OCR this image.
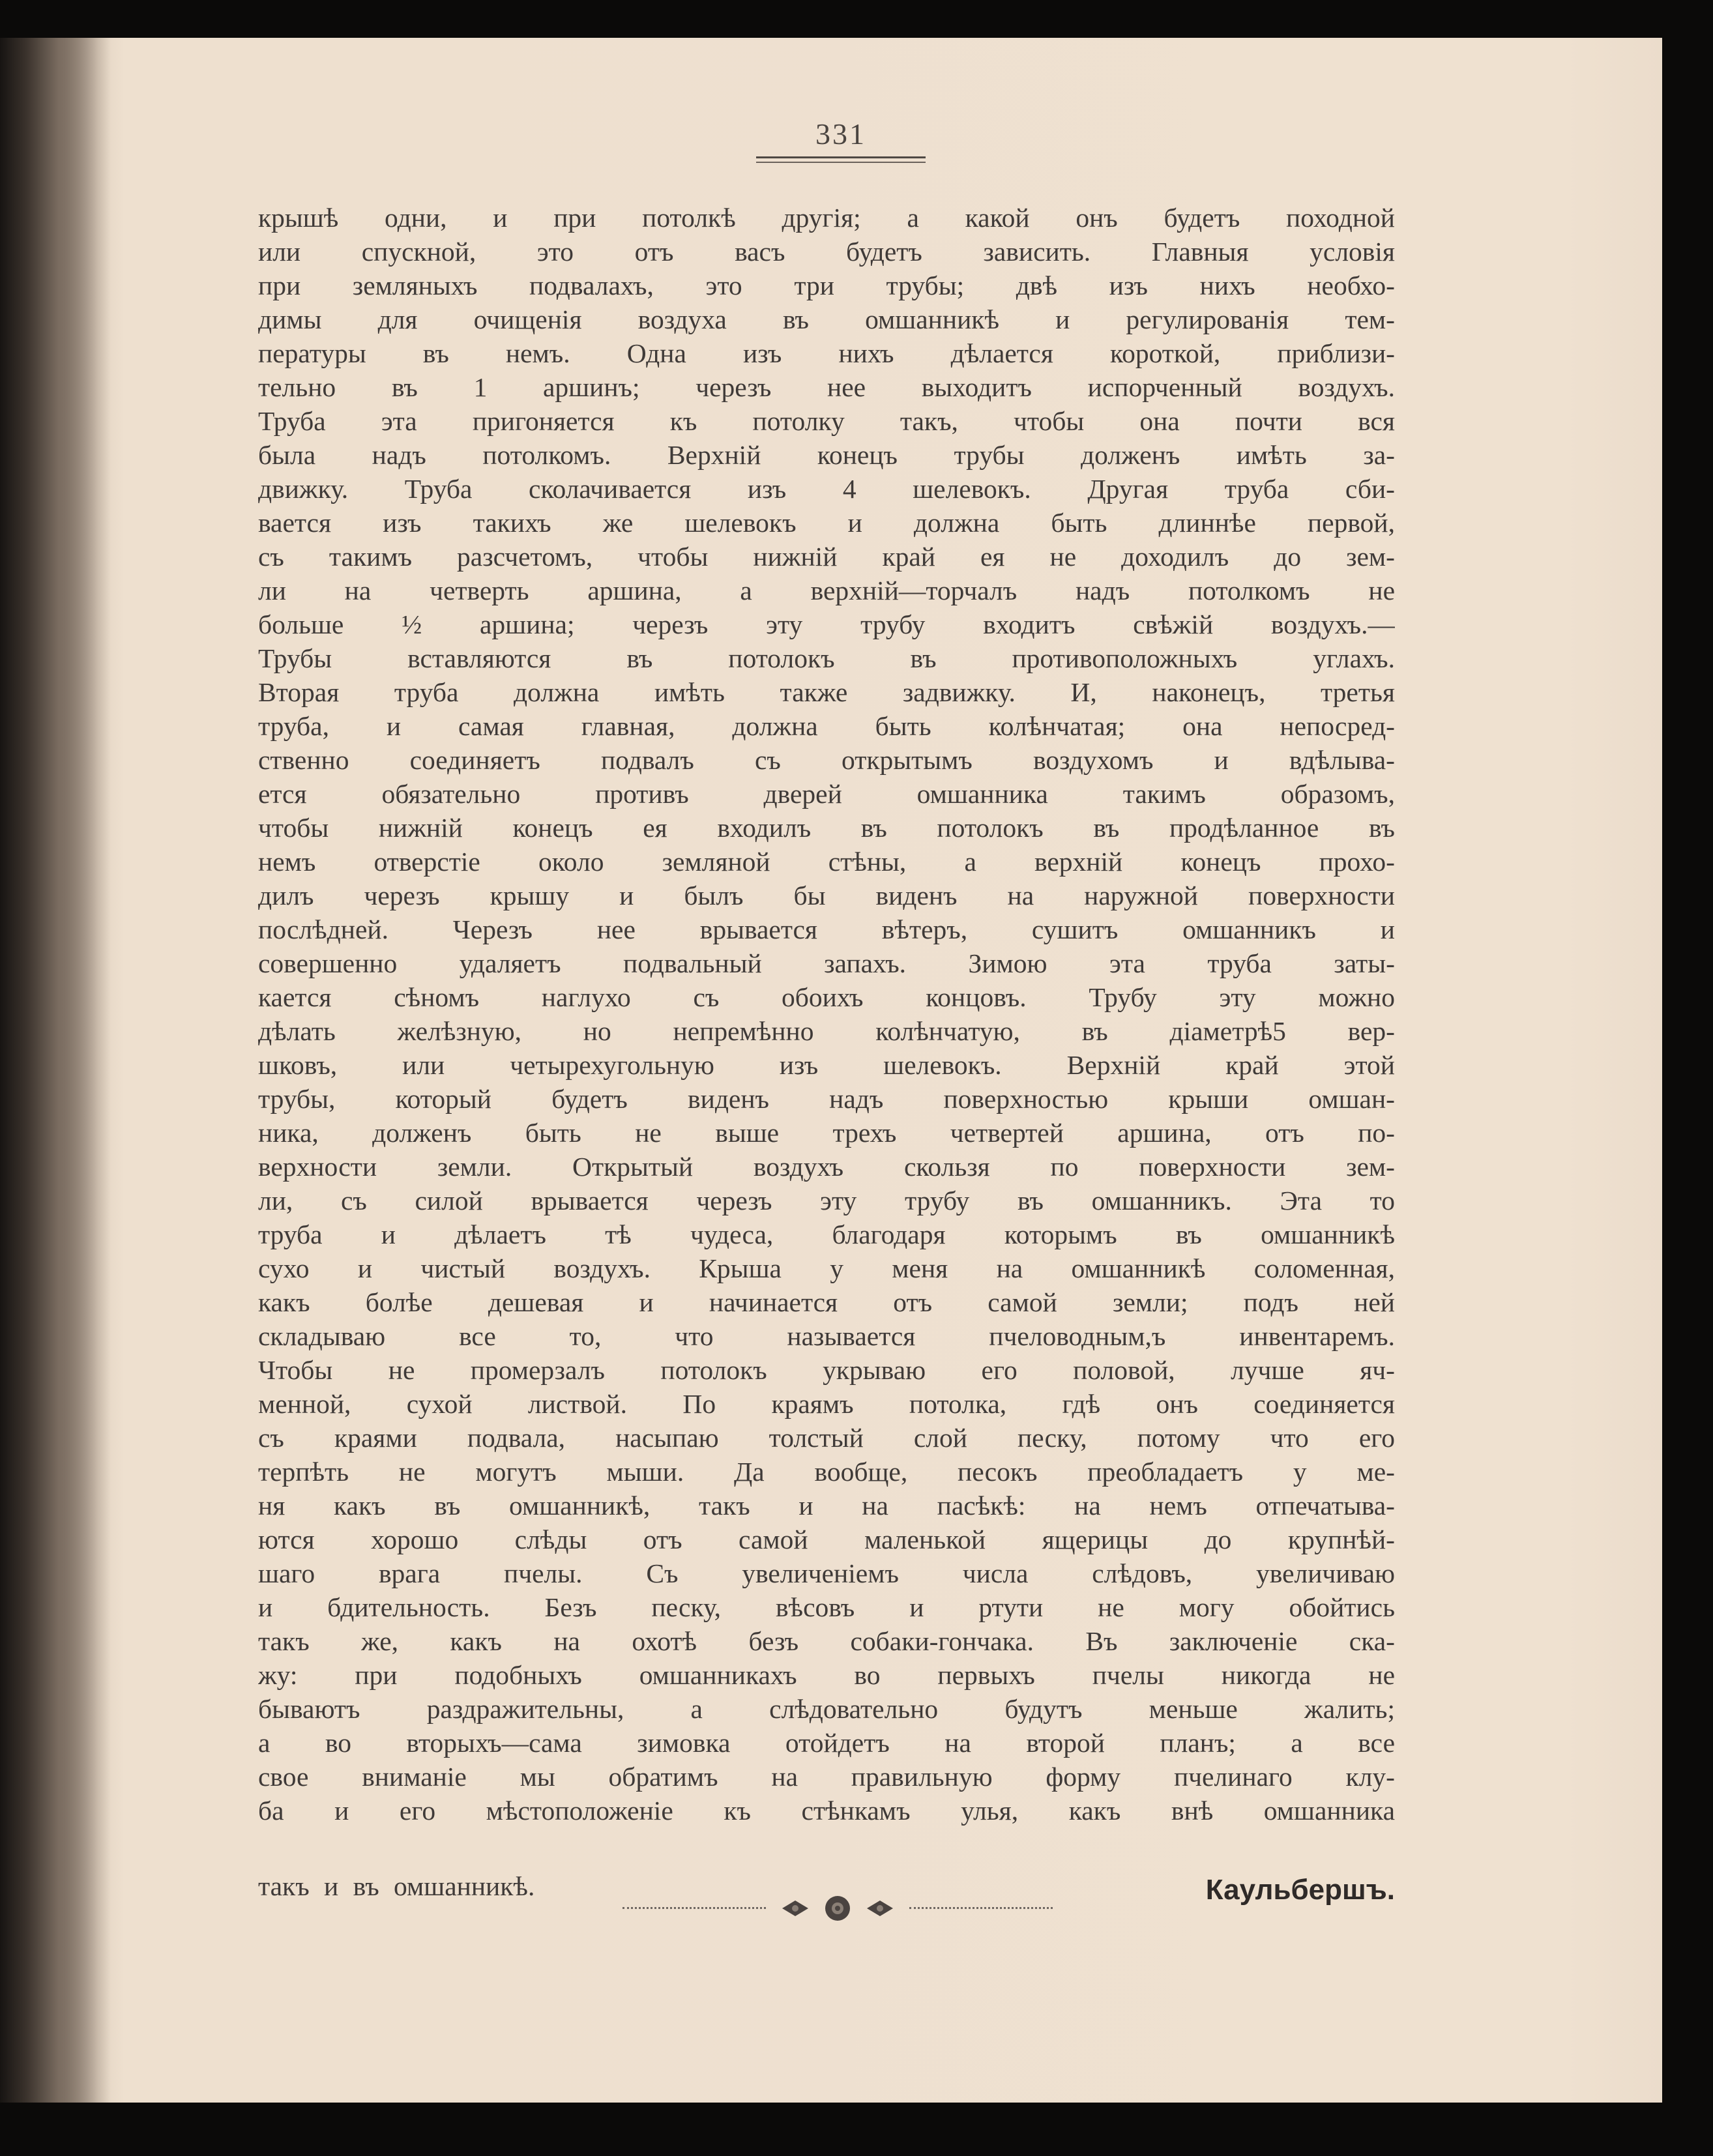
331
крышѣ одни, и при потолкѣ другія; а какой онъ будетъ походной
или спускной, это отъ васъ будетъ зависить. Главныя условія
при земляныхъ подвалахъ, это три трубы; двѣ изъ нихъ необхо-
димы для очищенія воздуха въ омшанникѣ и регулированія тем-
пературы въ немъ. Одна изъ нихъ дѣлается короткой, приблизи-
тельно въ 1 аршинъ; черезъ нее выходитъ испорченный воздухъ.
Труба эта пригоняется къ потолку такъ, чтобы она почти вся
была надъ потолкомъ. Верхній конецъ трубы долженъ имѣть за-
движку. Труба сколачивается изъ 4 шелевокъ. Другая труба сби-
вается изъ такихъ же шелевокъ и должна быть длиннѣе первой,
съ такимъ разсчетомъ, чтобы нижній край ея не доходилъ до зем-
ли на четверть аршина, а верхній—торчалъ надъ потолкомъ не
больше ½ аршина; черезъ эту трубу входитъ свѣжій воздухъ.—
Трубы вставляются въ потолокъ въ противоположныхъ углахъ.
Вторая труба должна имѣть также задвижку. И, наконецъ, третья
труба, и самая главная, должна быть колѣнчатая; она непосред-
ственно соединяетъ подвалъ съ открытымъ воздухомъ и вдѣлыва-
ется обязательно противъ дверей омшанника такимъ образомъ,
чтобы нижній конецъ ея входилъ въ потолокъ въ продѣланное въ
немъ отверстіе около земляной стѣны, а верхній конецъ прохо-
дилъ черезъ крышу и былъ бы виденъ на наружной поверхности
послѣдней. Черезъ нее врывается вѣтеръ, сушитъ омшанникъ и
совершенно удаляетъ подвальный запахъ. Зимою эта труба заты-
кается сѣномъ наглухо съ обоихъ концовъ. Трубу эту можно
дѣлать желѣзную, но непремѣнно колѣнчатую, въ діаметрѣ5 вер-
шковъ, или четырехугольную изъ шелевокъ. Верхній край этой
трубы, который будетъ виденъ надъ поверхностью крыши омшан-
ника, долженъ быть не выше трехъ четвертей аршина, отъ по-
верхности земли. Открытый воздухъ скользя по поверхности зем-
ли, съ силой врывается черезъ эту трубу въ омшанникъ. Эта то
труба и дѣлаетъ тѣ чудеса, благодаря которымъ въ омшанникѣ
сухо и чистый воздухъ. Крыша у меня на омшанникѣ соломенная,
какъ болѣе дешевая и начинается отъ самой земли; подъ ней
складываю все то, что называется пчеловодным,ъ инвентаремъ.
Чтобы не промерзалъ потолокъ укрываю его половой, лучше яч-
менной, сухой листвой. По краямъ потолка, гдѣ онъ соединяется
съ краями подвала, насыпаю толстый слой песку, потому что его
терпѣть не могутъ мыши. Да вообще, песокъ преобладаетъ у ме-
ня какъ въ омшанникѣ, такъ и на пасѣкѣ: на немъ отпечатыва-
ются хорошо слѣды отъ самой маленькой ящерицы до крупнѣй-
шаго врага пчелы. Съ увеличеніемъ числа слѣдовъ, увеличиваю
и бдительность. Безъ песку, вѣсовъ и ртути не могу обойтись
такъ же, какъ на охотѣ безъ собаки-гончака. Въ заключеніе ска-
жу: при подобныхъ омшанникахъ во первыхъ пчелы никогда не
бываютъ раздражительны, а слѣдовательно будутъ меньше жалить;
а во вторыхъ—сама зимовка отойдетъ на второй планъ; а все
свое вниманіе мы обратимъ на правильную форму пчелинаго клу-
ба и его мѣстоположеніе къ стѣнкамъ улья, какъ внѣ омшанника
такъ и въ омшанникѣ.	Каульбершъ.
